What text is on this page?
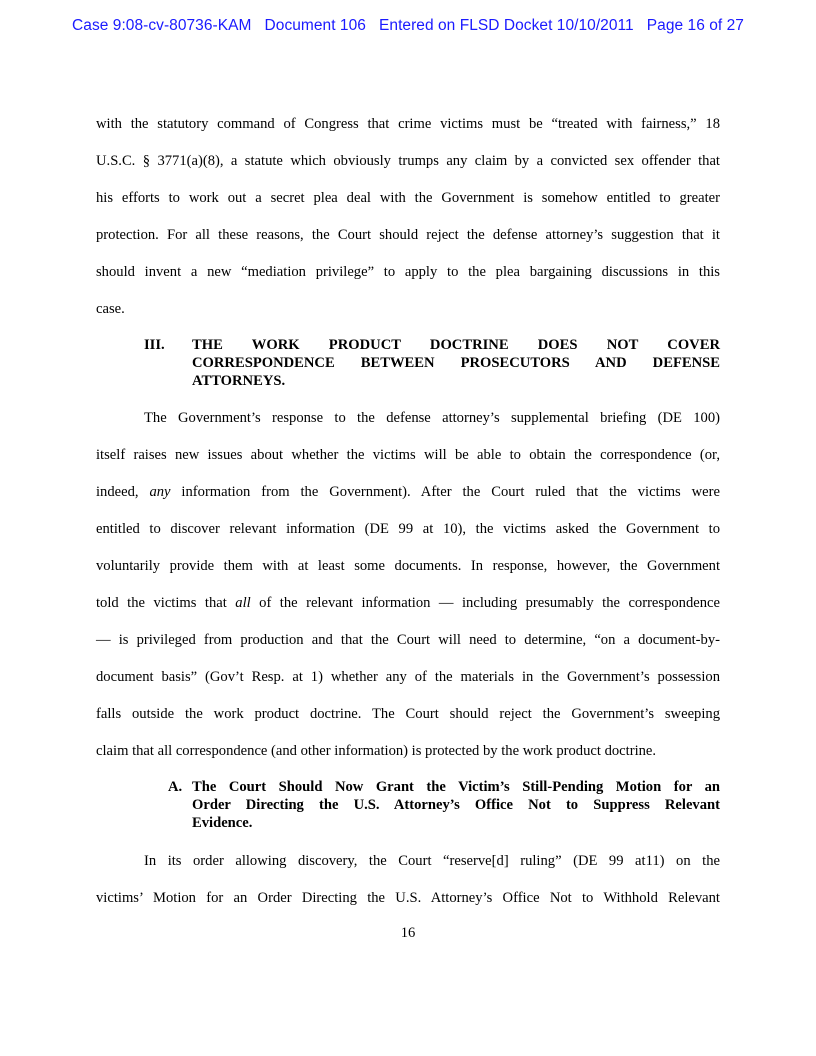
Case 9:08-cv-80736-KAM   Document 106   Entered on FLSD Docket 10/10/2011   Page 16 of 27
with the statutory command of Congress that crime victims must be “treated with fairness,” 18
U.S.C. § 3771(a)(8), a statute which obviously trumps any claim by a convicted sex offender that
his efforts to work out a secret plea deal with the Government is somehow entitled to greater
protection. For all these reasons, the Court should reject the defense attorney’s suggestion that it
should invent a new “mediation privilege” to apply to the plea bargaining discussions in this
case.
III. THE WORK PRODUCT DOCTRINE DOES NOT COVER
CORRESPONDENCE BETWEEN PROSECUTORS AND DEFENSE
ATTORNEYS.
The Government’s response to the defense attorney’s supplemental briefing (DE 100)
itself raises new issues about whether the victims will be able to obtain the correspondence (or,
indeed, any information from the Government). After the Court ruled that the victims were
entitled to discover relevant information (DE 99 at 10), the victims asked the Government to
voluntarily provide them with at least some documents. In response, however, the Government
told the victims that all of the relevant information — including presumably the correspondence
— is privileged from production and that the Court will need to determine, “on a document-by-
document basis” (Gov’t Resp. at 1) whether any of the materials in the Government’s possession
falls outside the work product doctrine. The Court should reject the Government’s sweeping
claim that all correspondence (and other information) is protected by the work product doctrine.
A. The Court Should Now Grant the Victim’s Still-Pending Motion for an
Order Directing the U.S. Attorney’s Office Not to Suppress Relevant
Evidence.
In its order allowing discovery, the Court “reserve[d] ruling” (DE 99 at11) on the
victims’ Motion for an Order Directing the U.S. Attorney’s Office Not to Withhold Relevant
16
